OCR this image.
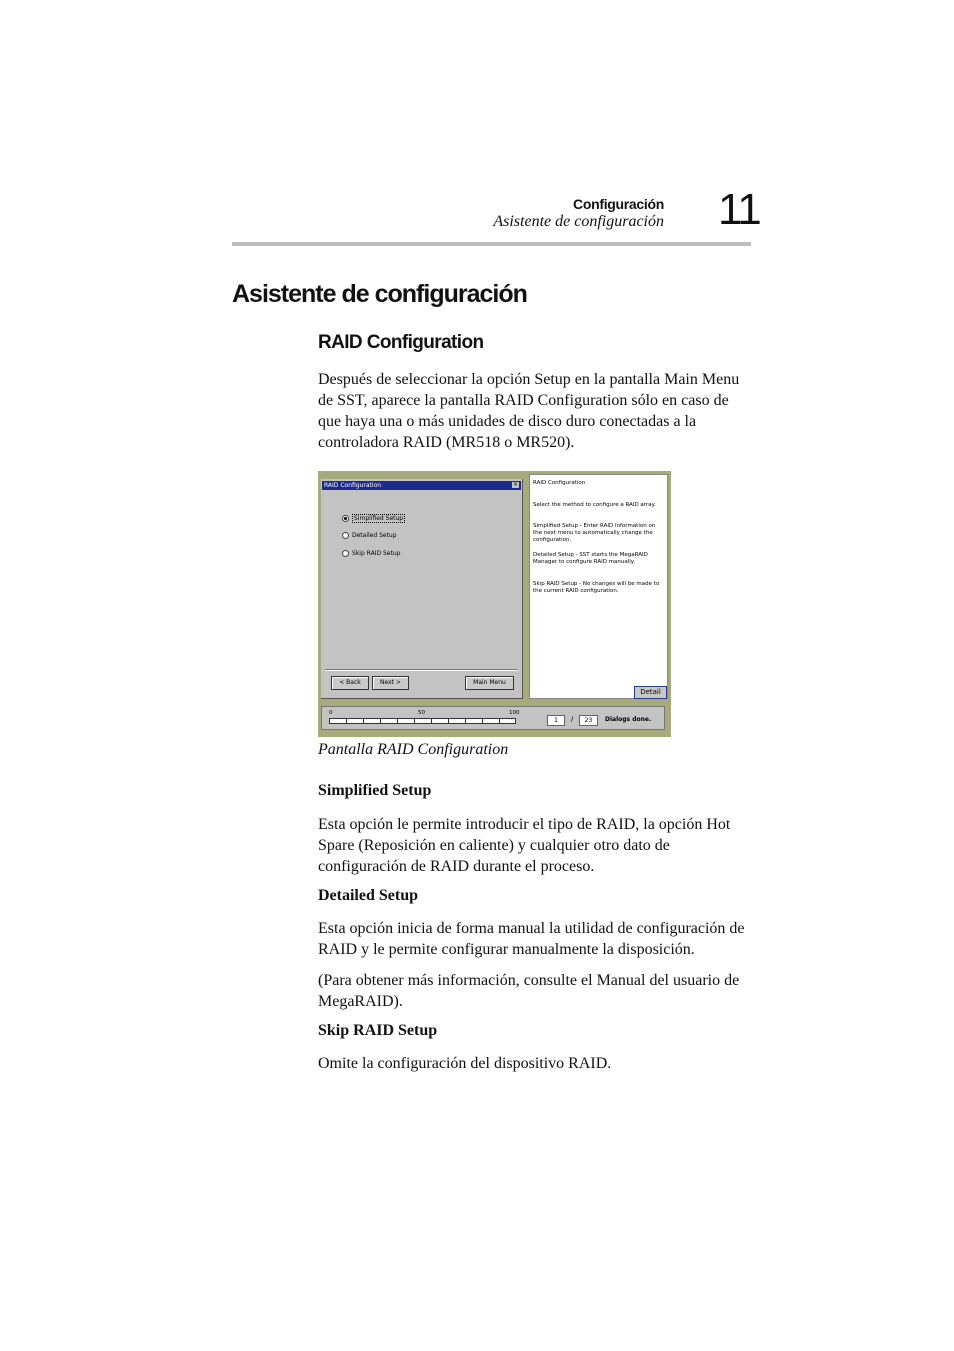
Configuración
Asistente de configuración 11
Asistente de configuración
RAID Configuration

Después de seleccionar la opción Setup en la pantalla Main Menu de SST, aparece la pantalla RAID Configuration sólo en caso de que haya una o más unidades de disco duro conectadas a la controladora RAID (MR518 o MR520).

RAID Configuration	×
Simplified Setup
Detailed Setup
Skip RAID Setup
< Back	Next >	Main Menu

RAID Configuration

Select the method to configure a RAID array.

Simplified Setup - Enter RAID information on the next menu to automatically change the configuration.

Detailed Setup - SST starts the MegaRAID Manager to configure RAID manually.

Skip RAID Setup - No changes will be made to the current RAID configuration.

Detail
0	50	100
1	/	23	Dialogs done.
Pantalla RAID Configuration

Simplified Setup

Esta opción le permite introducir el tipo de RAID, la opción Hot Spare (Reposición en caliente) y cualquier otro dato de configuración de RAID durante el proceso.

Detailed Setup

Esta opción inicia de forma manual la utilidad de configuración de RAID y le permite configurar manualmente la disposición.

(Para obtener más información, consulte el Manual del usuario de MegaRAID).

Skip RAID Setup

Omite la configuración del dispositivo RAID.
